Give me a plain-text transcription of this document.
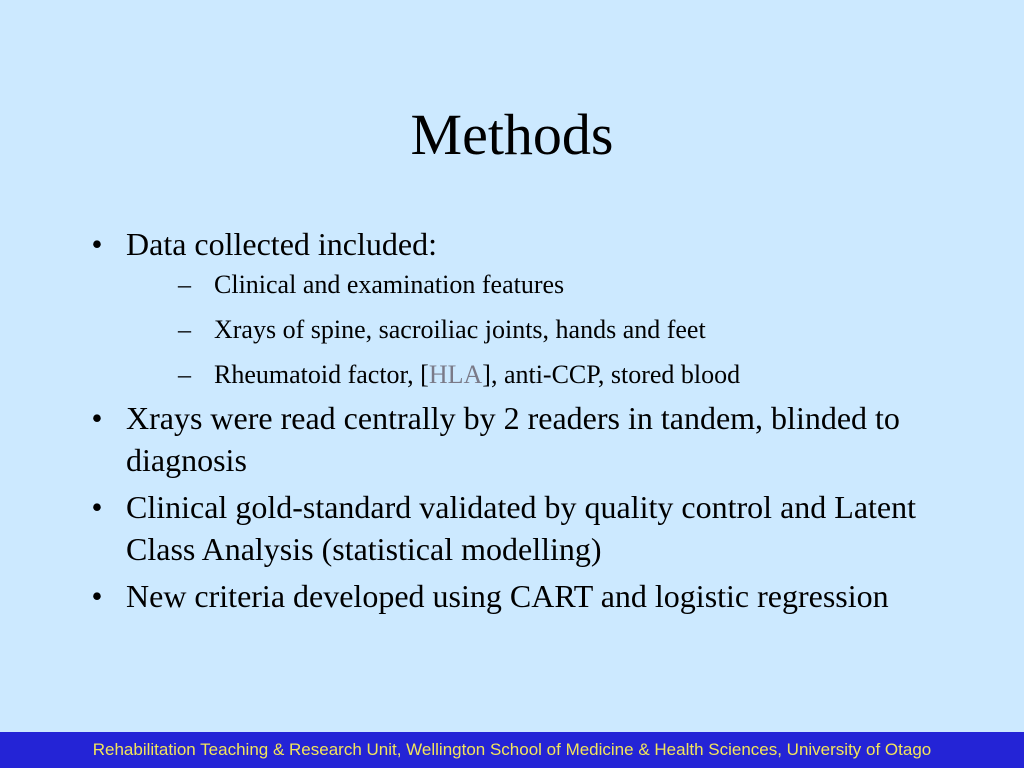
Methods
• Data collected included:
– Clinical and examination features
– Xrays of spine, sacroiliac joints, hands and feet
– Rheumatoid factor, [HLA], anti-CCP, stored blood
• Xrays were read centrally by 2 readers in tandem, blinded to diagnosis
• Clinical gold-standard validated by quality control and Latent Class Analysis (statistical modelling)
• New criteria developed using CART and logistic regression
Rehabilitation Teaching & Research Unit, Wellington School of Medicine & Health Sciences, University of Otago
